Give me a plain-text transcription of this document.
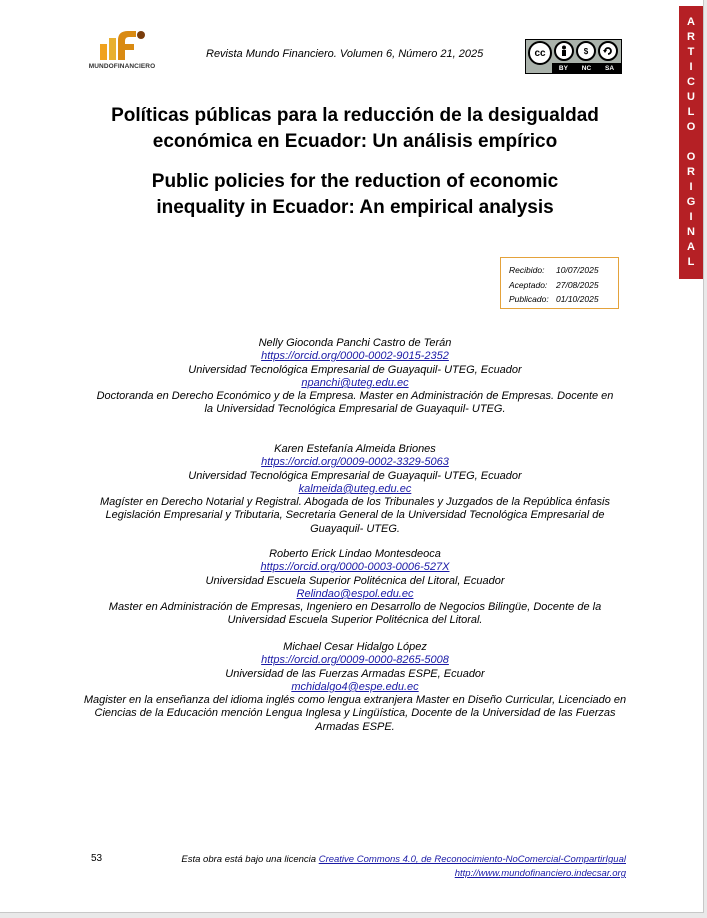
MUNDOFINANCIERO
Revista Mundo Financiero. Volumen 6, Número 21, 2025	cc	$
BY NC SA
Políticas públicas para la reducción de la desigualdad
económica en Ecuador: Un análisis empírico
Public policies for the reduction of economic
inequality in Ecuador: An empirical analysis
Recibido: 10/07/2025
Aceptado: 27/08/2025
Publicado: 01/10/2025
Nelly Gioconda Panchi Castro de Terán
https://orcid.org/0000-0002-9015-2352
Universidad Tecnológica Empresarial de Guayaquil- UTEG, Ecuador
npanchi@uteg.edu.ec
Doctoranda en Derecho Económico y de la Empresa. Master en Administración de Empresas. Docente en la Universidad Tecnológica Empresarial de Guayaquil- UTEG.
Karen Estefanía Almeida Briones
https://orcid.org/0009-0002-3329-5063
Universidad Tecnológica Empresarial de Guayaquil- UTEG, Ecuador
kalmeida@uteg.edu.ec
Magíster en Derecho Notarial y Registral. Abogada de los Tribunales y Juzgados de la República énfasis Legislación Empresarial y Tributaria, Secretaria General de la Universidad Tecnológica Empresarial de Guayaquil- UTEG.
Roberto Erick Lindao Montesdeoca
https://orcid.org/0000-0003-0006-527X
Universidad Escuela Superior Politécnica del Litoral, Ecuador
Relindao@espol.edu.ec
Master en Administración de Empresas, Ingeniero en Desarrollo de Negocios Bilingüe, Docente de la Universidad Escuela Superior Politécnica del Litoral.
Michael Cesar Hidalgo López
https://orcid.org/0009-0000-8265-5008
Universidad de las Fuerzas Armadas ESPE, Ecuador
mchidalgo4@espe.edu.ec
Magister en la enseñanza del idioma inglés como lengua extranjera Master en Diseño Curricular, Licenciado en Ciencias de la Educación mención Lengua Inglesa y Lingüística, Docente de la Universidad de las Fuerzas Armadas ESPE.
53	Esta obra está bajo una licencia Creative Commons 4.0, de Reconocimiento-NoComercial-CompartirIgual
http://www.mundofinanciero.indecsar.org
A
R
T
I
C
U
L
O
O
R
I
G
I
N
A
L
